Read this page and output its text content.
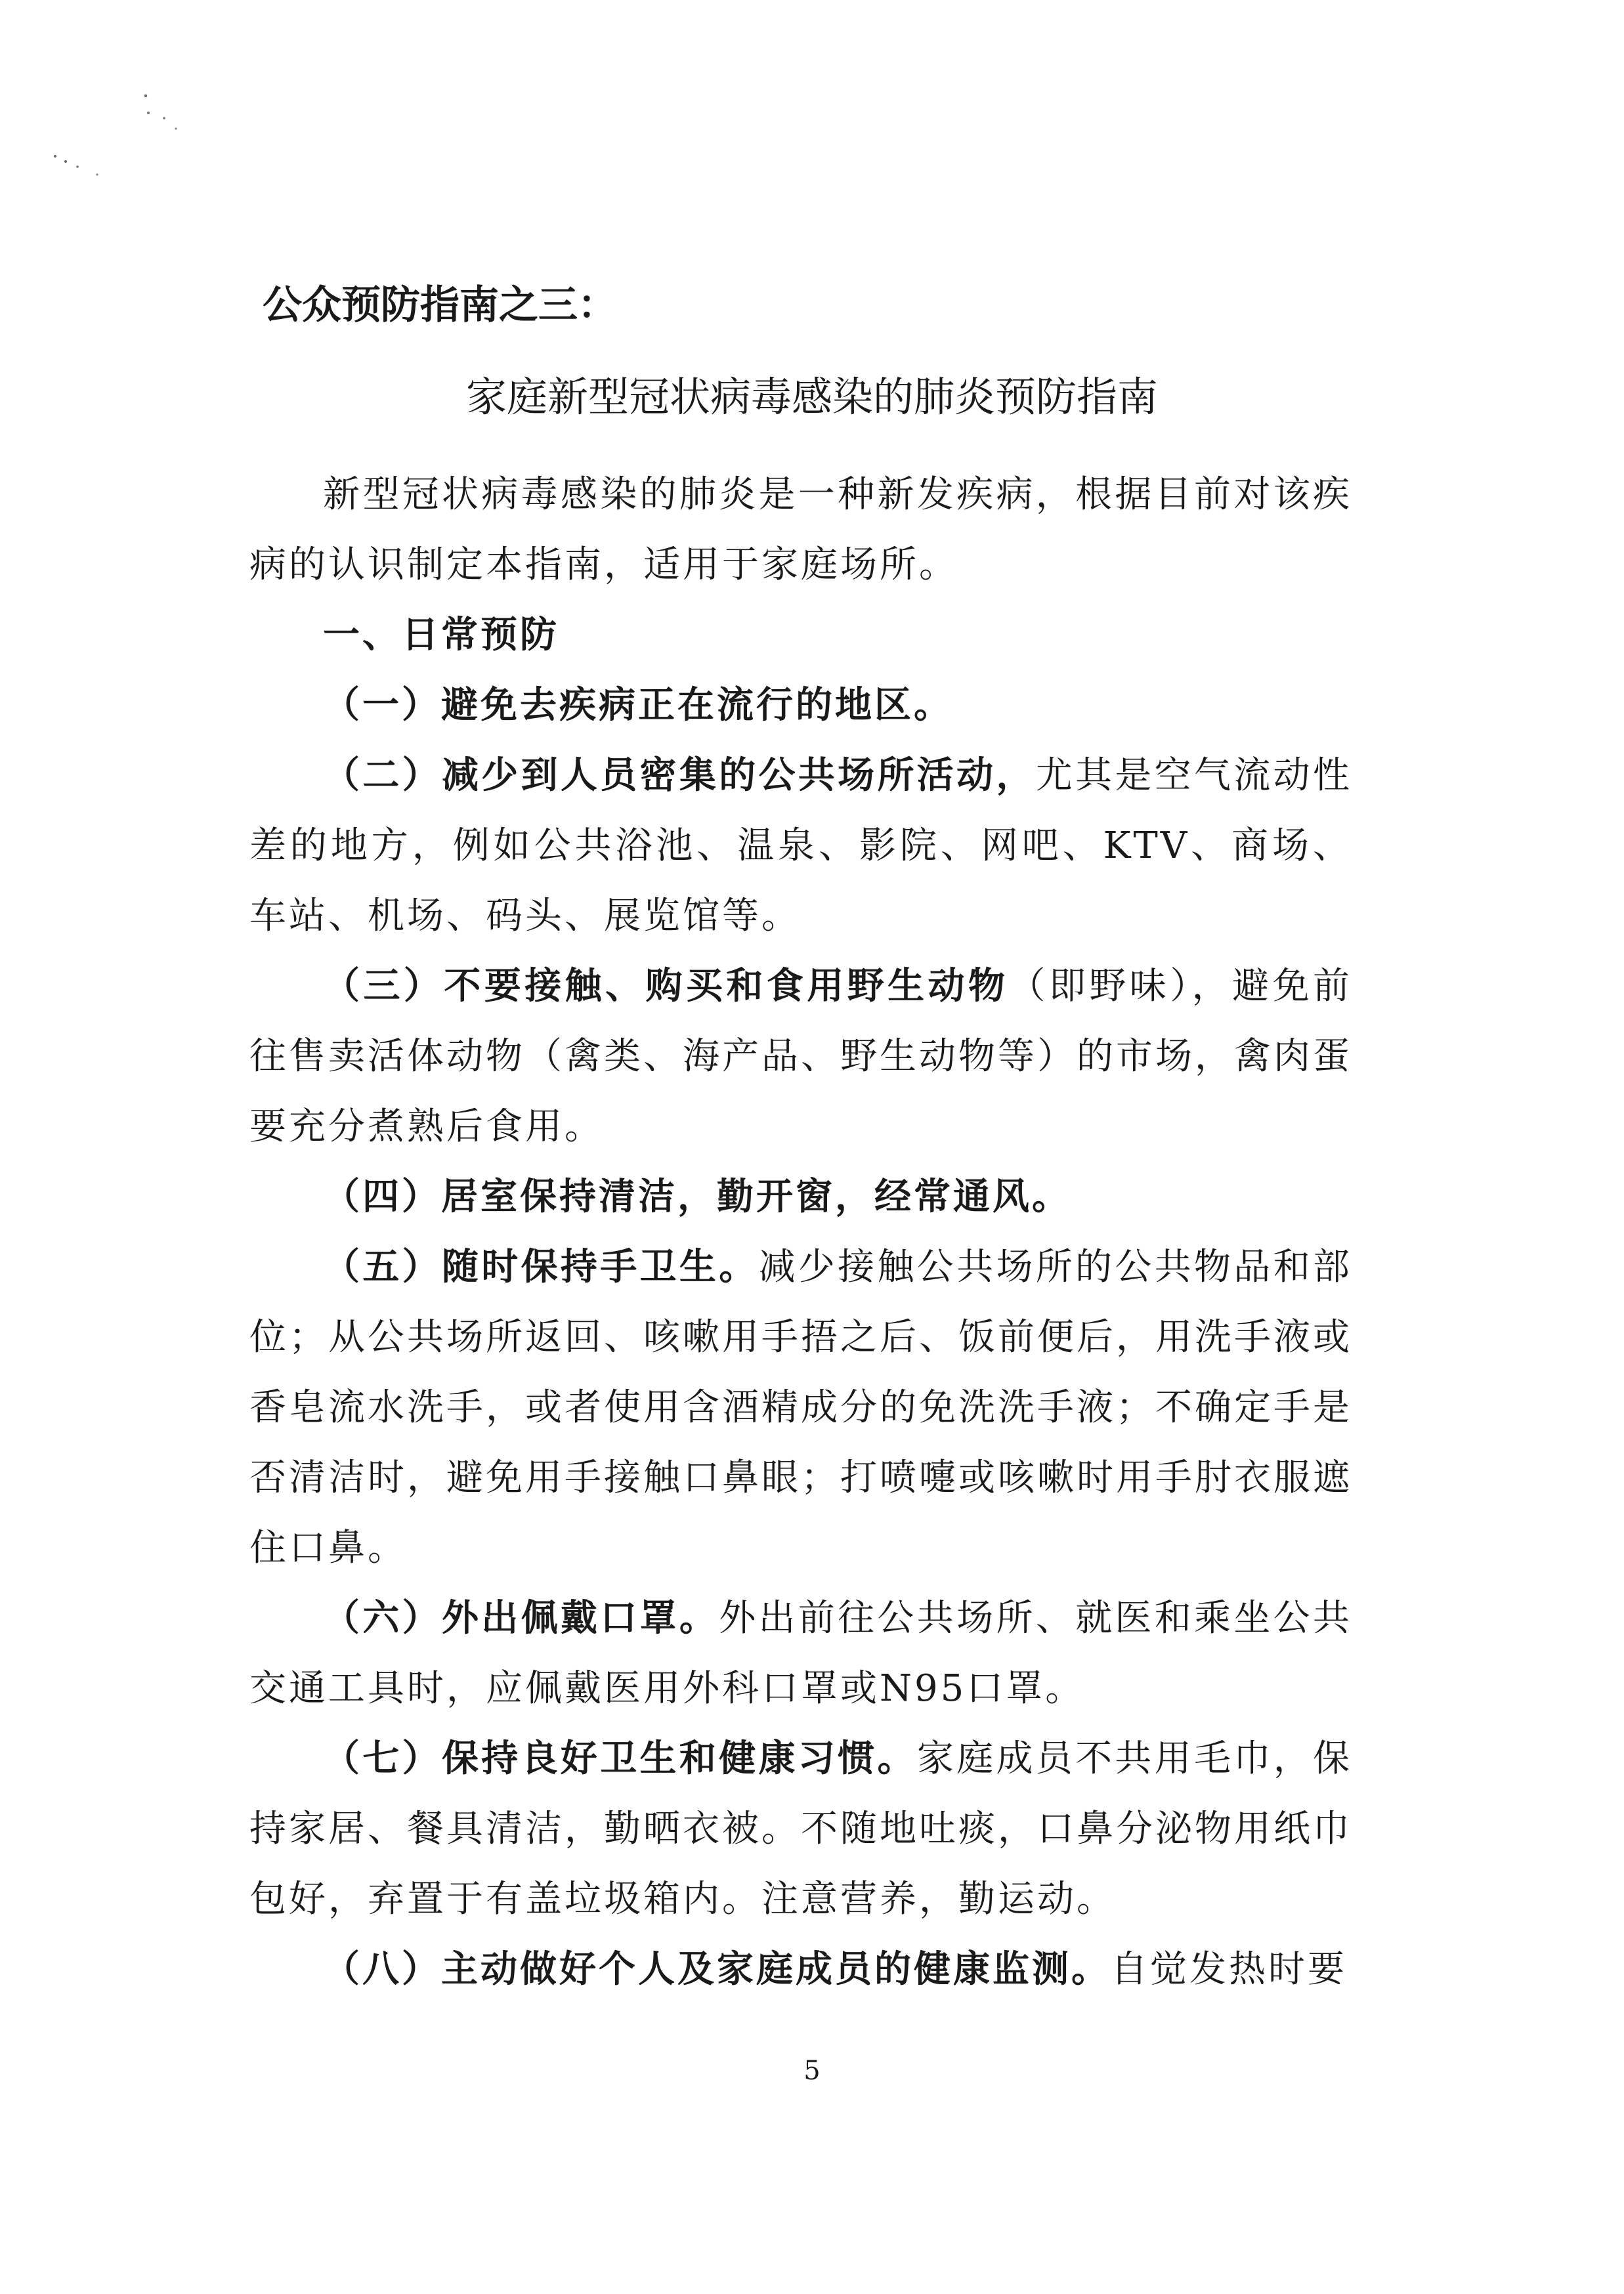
公众预防指南之三：
家庭新型冠状病毒感染的肺炎预防指南

新型冠状病毒感染的肺炎是一种新发疾病，根据目前对该疾病的认识制定本指南，适用于家庭场所。

一、日常预防

（一）避免去疾病正在流行的地区。

（二）减少到人员密集的公共场所活动，尤其是空气流动性差的地方，例如公共浴池、温泉、影院、网吧、KTV、商场、车站、机场、码头、展览馆等。

（三）不要接触、购买和食用野生动物（即野味），避免前往售卖活体动物（禽类、海产品、野生动物等）的市场，禽肉蛋要充分煮熟后食用。

（四）居室保持清洁，勤开窗，经常通风。

（五）随时保持手卫生。减少接触公共场所的公共物品和部位；从公共场所返回、咳嗽用手捂之后、饭前便后，用洗手液或香皂流水洗手，或者使用含酒精成分的免洗洗手液；不确定手是否清洁时，避免用手接触口鼻眼；打喷嚏或咳嗽时用手肘衣服遮住口鼻。

（六）外出佩戴口罩。外出前往公共场所、就医和乘坐公共交通工具时，应佩戴医用外科口罩或N95口罩。

（七）保持良好卫生和健康习惯。家庭成员不共用毛巾，保持家居、餐具清洁，勤晒衣被。不随地吐痰，口鼻分泌物用纸巾包好，弃置于有盖垃圾箱内。注意营养，勤运动。

（八）主动做好个人及家庭成员的健康监测。自觉发热时要

5
